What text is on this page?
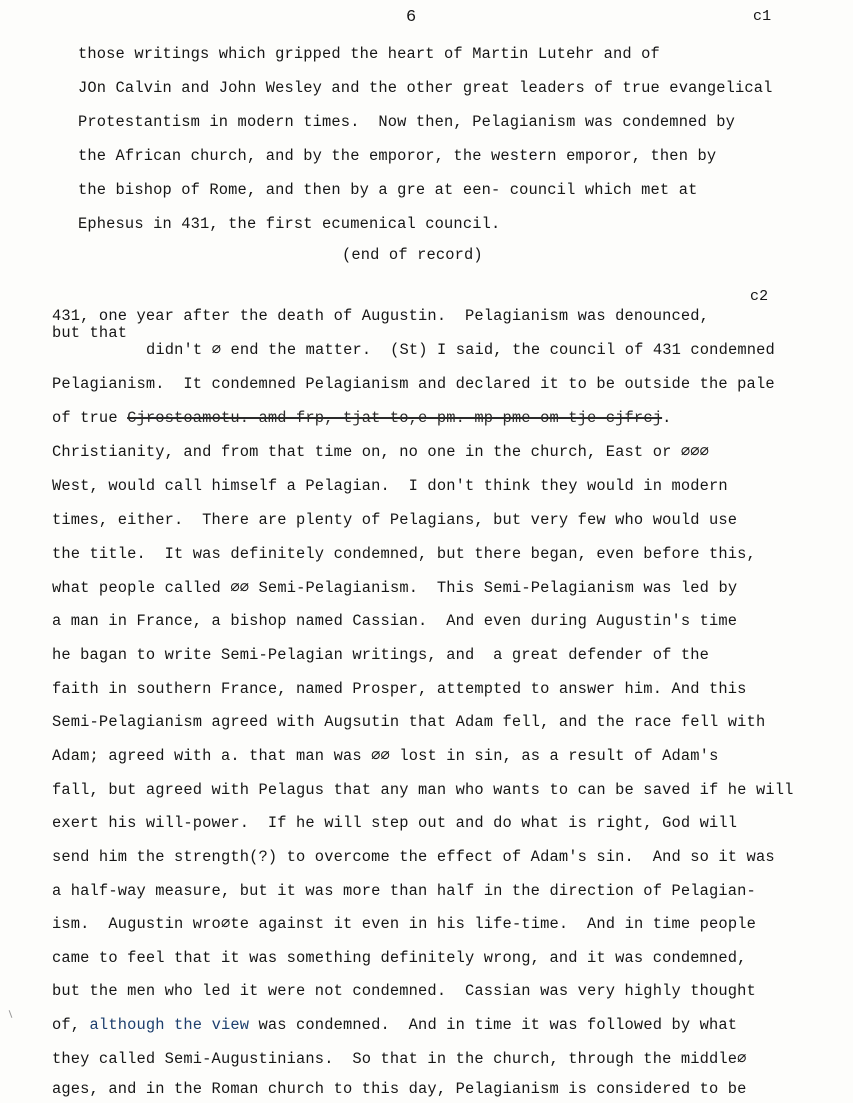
6	c1
those writings which gripped the heart of Martin Lutehr and of
JOn Calvin and John Wesley and the other great leaders of true evangelical
Protestantism in modern times.  Now then, Pelagianism was condemned by
the African church, and by the emporor, the western emporor, then by
the bishop of Rome, and then by a gre at een- council which met at
Ephesus in 431, the first ecumenical council.
(end of record)
c2
431, one year after the death of Augustin.  Pelagianism was denounced,
but that
didn't ∅ end the matter.  (St) I said, the council of 431 condemned
Pelagianism.  It condemned Pelagianism and declared it to be outside the pale
of true Cjrostoamotu. amd frp, tjat to,e pm. mp pme om tje cjfrcj.
Christianity, and from that time on, no one in the church, East or ∅∅∅
West, would call himself a Pelagian.  I don't think they would in modern
times, either.  There are plenty of Pelagians, but very few who would use
the title.  It was definitely condemned, but there began, even before this,
what people called ∅∅ Semi-Pelagianism.  This Semi-Pelagianism was led by
a man in France, a bishop named Cassian.  And even during Augustin's time
he bagan to write Semi-Pelagian writings, and  a great defender of the
faith in southern France, named Prosper, attempted to answer him. And this
Semi-Pelagianism agreed with Augsutin that Adam fell, and the race fell with
Adam; agreed with a. that man was ∅∅ lost in sin, as a result of Adam's
fall, but agreed with Pelagus that any man who wants to can be saved if he will
exert his will-power.  If he will step out and do what is right, God will
send him the strength(?) to overcome the effect of Adam's sin.  And so it was
a half-way measure, but it was more than half in the direction of Pelagian-
ism.  Augustin wro∅te against it even in his life-time.  And in time people
came to feel that it was something definitely wrong, and it was condemned,
but the men who led it were not condemned.  Cassian was very highly thought
of, although the view was condemned.  And in time it was followed by what
they called Semi-Augustinians.  So that in the church, through the middle∅
ages, and in the Roman church to this day, Pelagianism is considered to be
